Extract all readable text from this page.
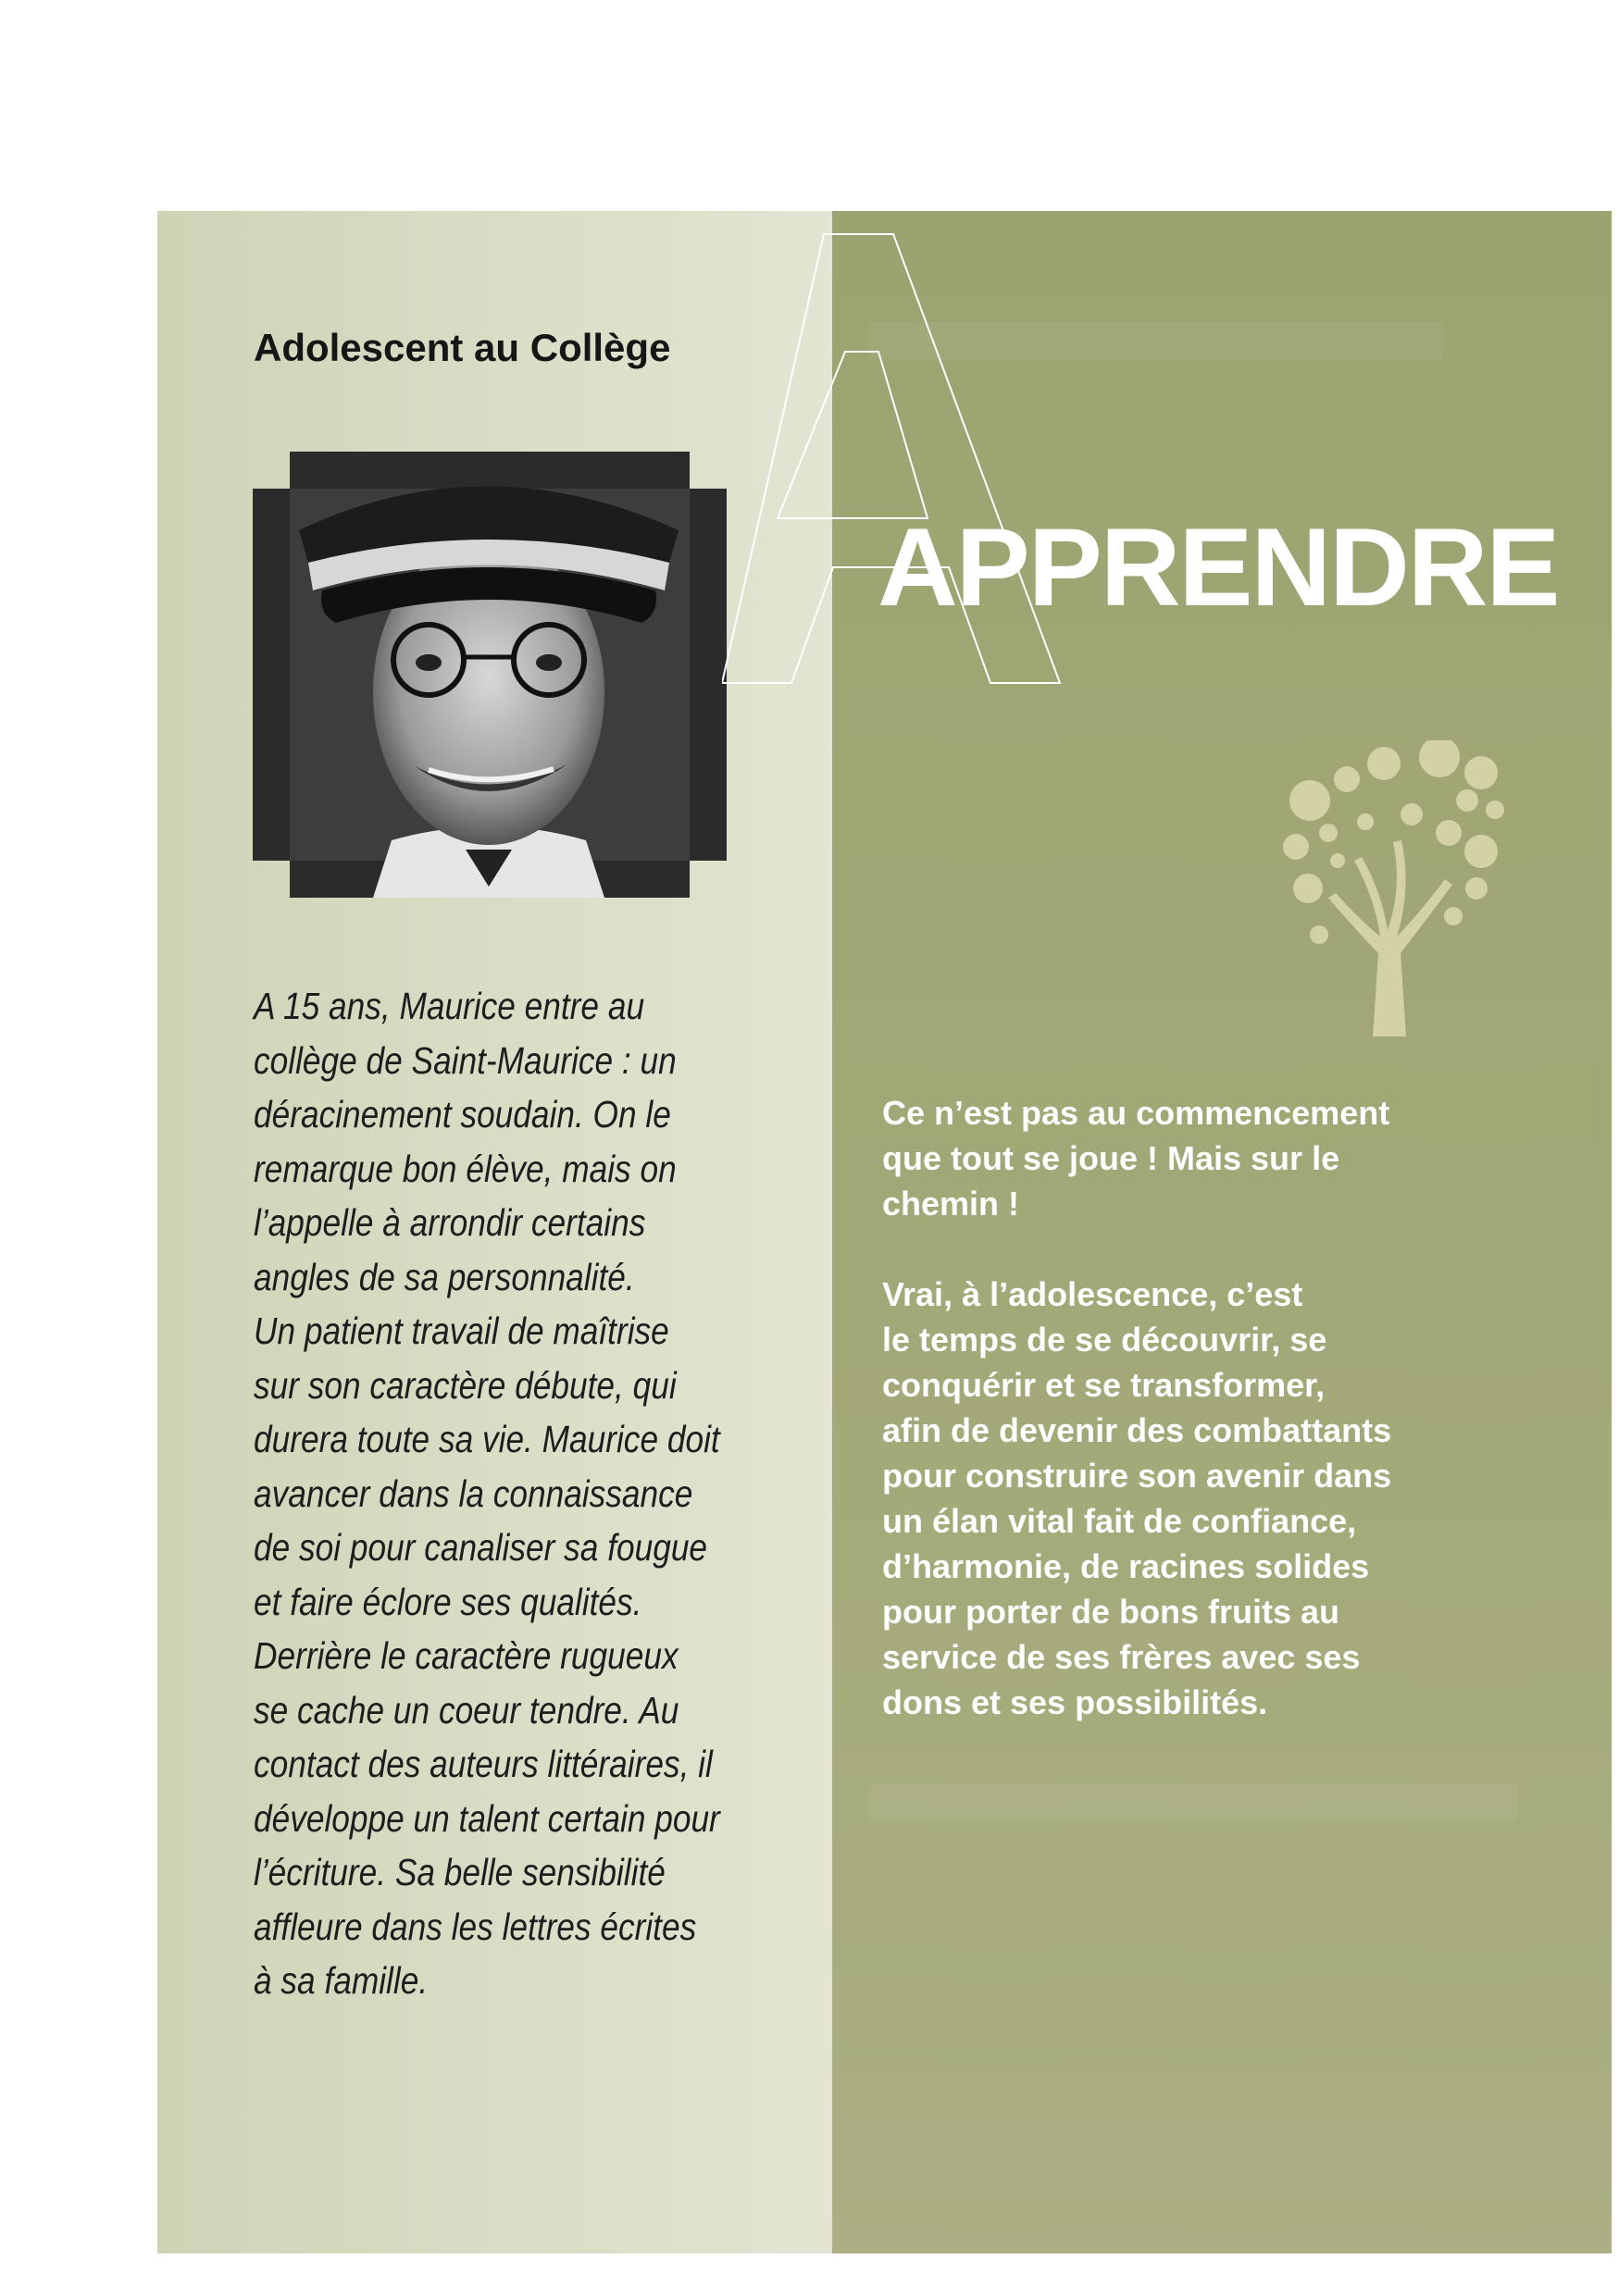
Adolescent au Collège

A 15 ans, Maurice entre au

collège de Saint-Maurice : un

déracinement soudain. On le

remarque bon élève, mais on

l’appelle à arrondir certains

angles de sa personnalité.

Un patient travail de maîtrise

sur son caractère débute, qui

durera toute sa vie. Maurice doit

avancer dans la connaissance

de soi pour canaliser sa fougue

et faire éclore ses qualités.

Derrière le caractère rugueux

se cache un coeur tendre. Au

contact des auteurs littéraires, il

développe un talent certain pour

l’écriture. Sa belle sensibilité

affleure dans les lettres écrites

à sa famille.

A
APPRENDRE

Ce n’est pas au commencement

que tout se joue ! Mais sur le

chemin !

Vrai, à l’adolescence, c’est

le temps de se découvrir, se

conquérir et se transformer,

afin de devenir des combattants

pour construire son avenir dans

un élan vital fait de confiance,

d’harmonie, de racines solides

pour porter de bons fruits au

service de ses frères avec ses

dons et ses possibilités.
